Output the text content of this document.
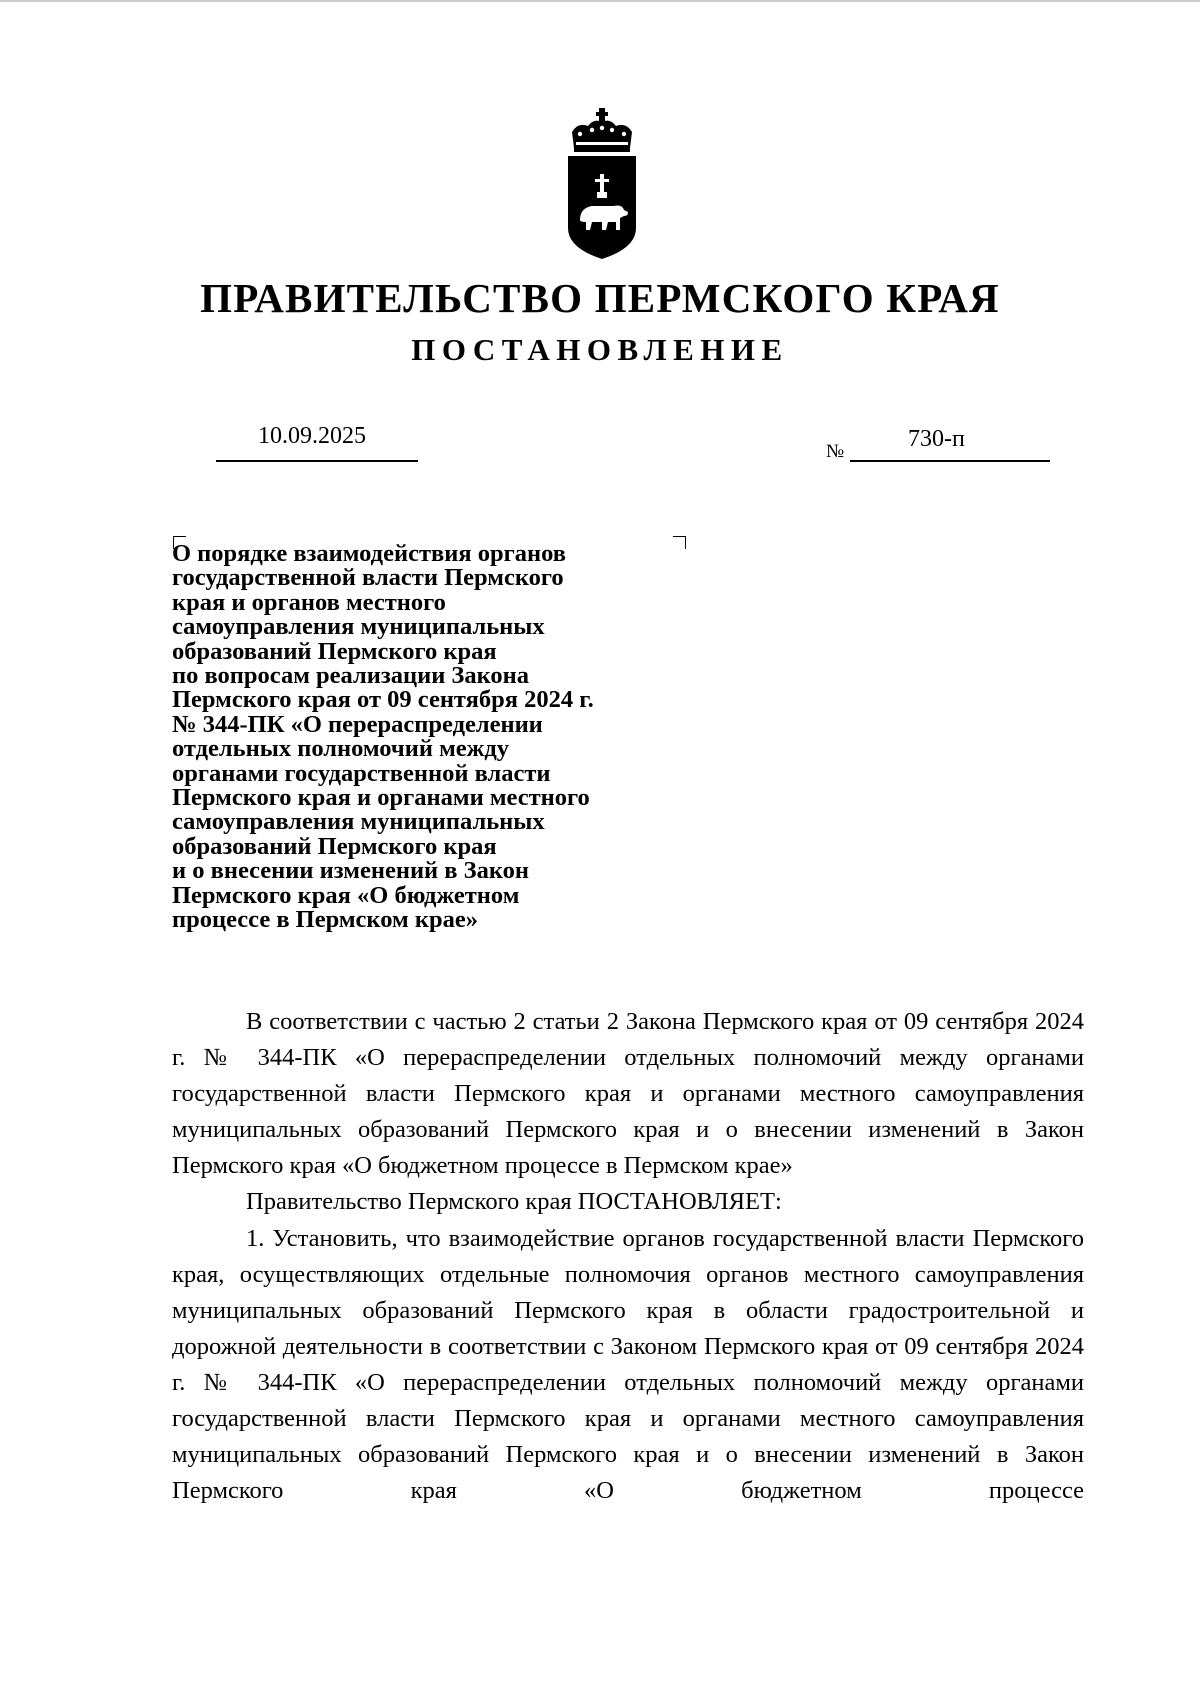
ПРАВИТЕЛЬСТВО ПЕРМСКОГО КРАЯ
ПОСТАНОВЛЕНИЕ
10.09.2025
№	730-п
О порядке взаимодействия органов
государственной власти Пермского
края и органов местного
самоуправления муниципальных
образований Пермского края
по вопросам реализации Закона
Пермского края от 09 сентября 2024 г.
№ 344-ПК «О перераспределении
отдельных полномочий между
органами государственной власти
Пермского края и органами местного
самоуправления муниципальных
образований Пермского края
и о внесении изменений в Закон
Пермского края «О бюджетном
процессе в Пермском крае»

В соответствии с частью 2 статьи 2 Закона Пермского края от 09 сентября 2024 г. № 344-ПК «О перераспределении отдельных полномочий между органами государственной власти Пермского края и органами местного самоуправления муниципальных образований Пермского края и о внесении изменений в Закон Пермского края «О бюджетном процессе в Пермском крае»

Правительство Пермского края ПОСТАНОВЛЯЕТ:

1. Установить, что взаимодействие органов государственной власти Пермского края, осуществляющих отдельные полномочия органов местного самоуправления муниципальных образований Пермского края в области градостроительной и дорожной деятельности в соответствии с Законом Пермского края от 09 сентября 2024 г. № 344-ПК «О перераспределении отдельных полномочий между органами государственной власти Пермского края и органами местного самоуправления муниципальных образований Пермского края и о внесении изменений в Закон Пермского края «О бюджетном процессе
